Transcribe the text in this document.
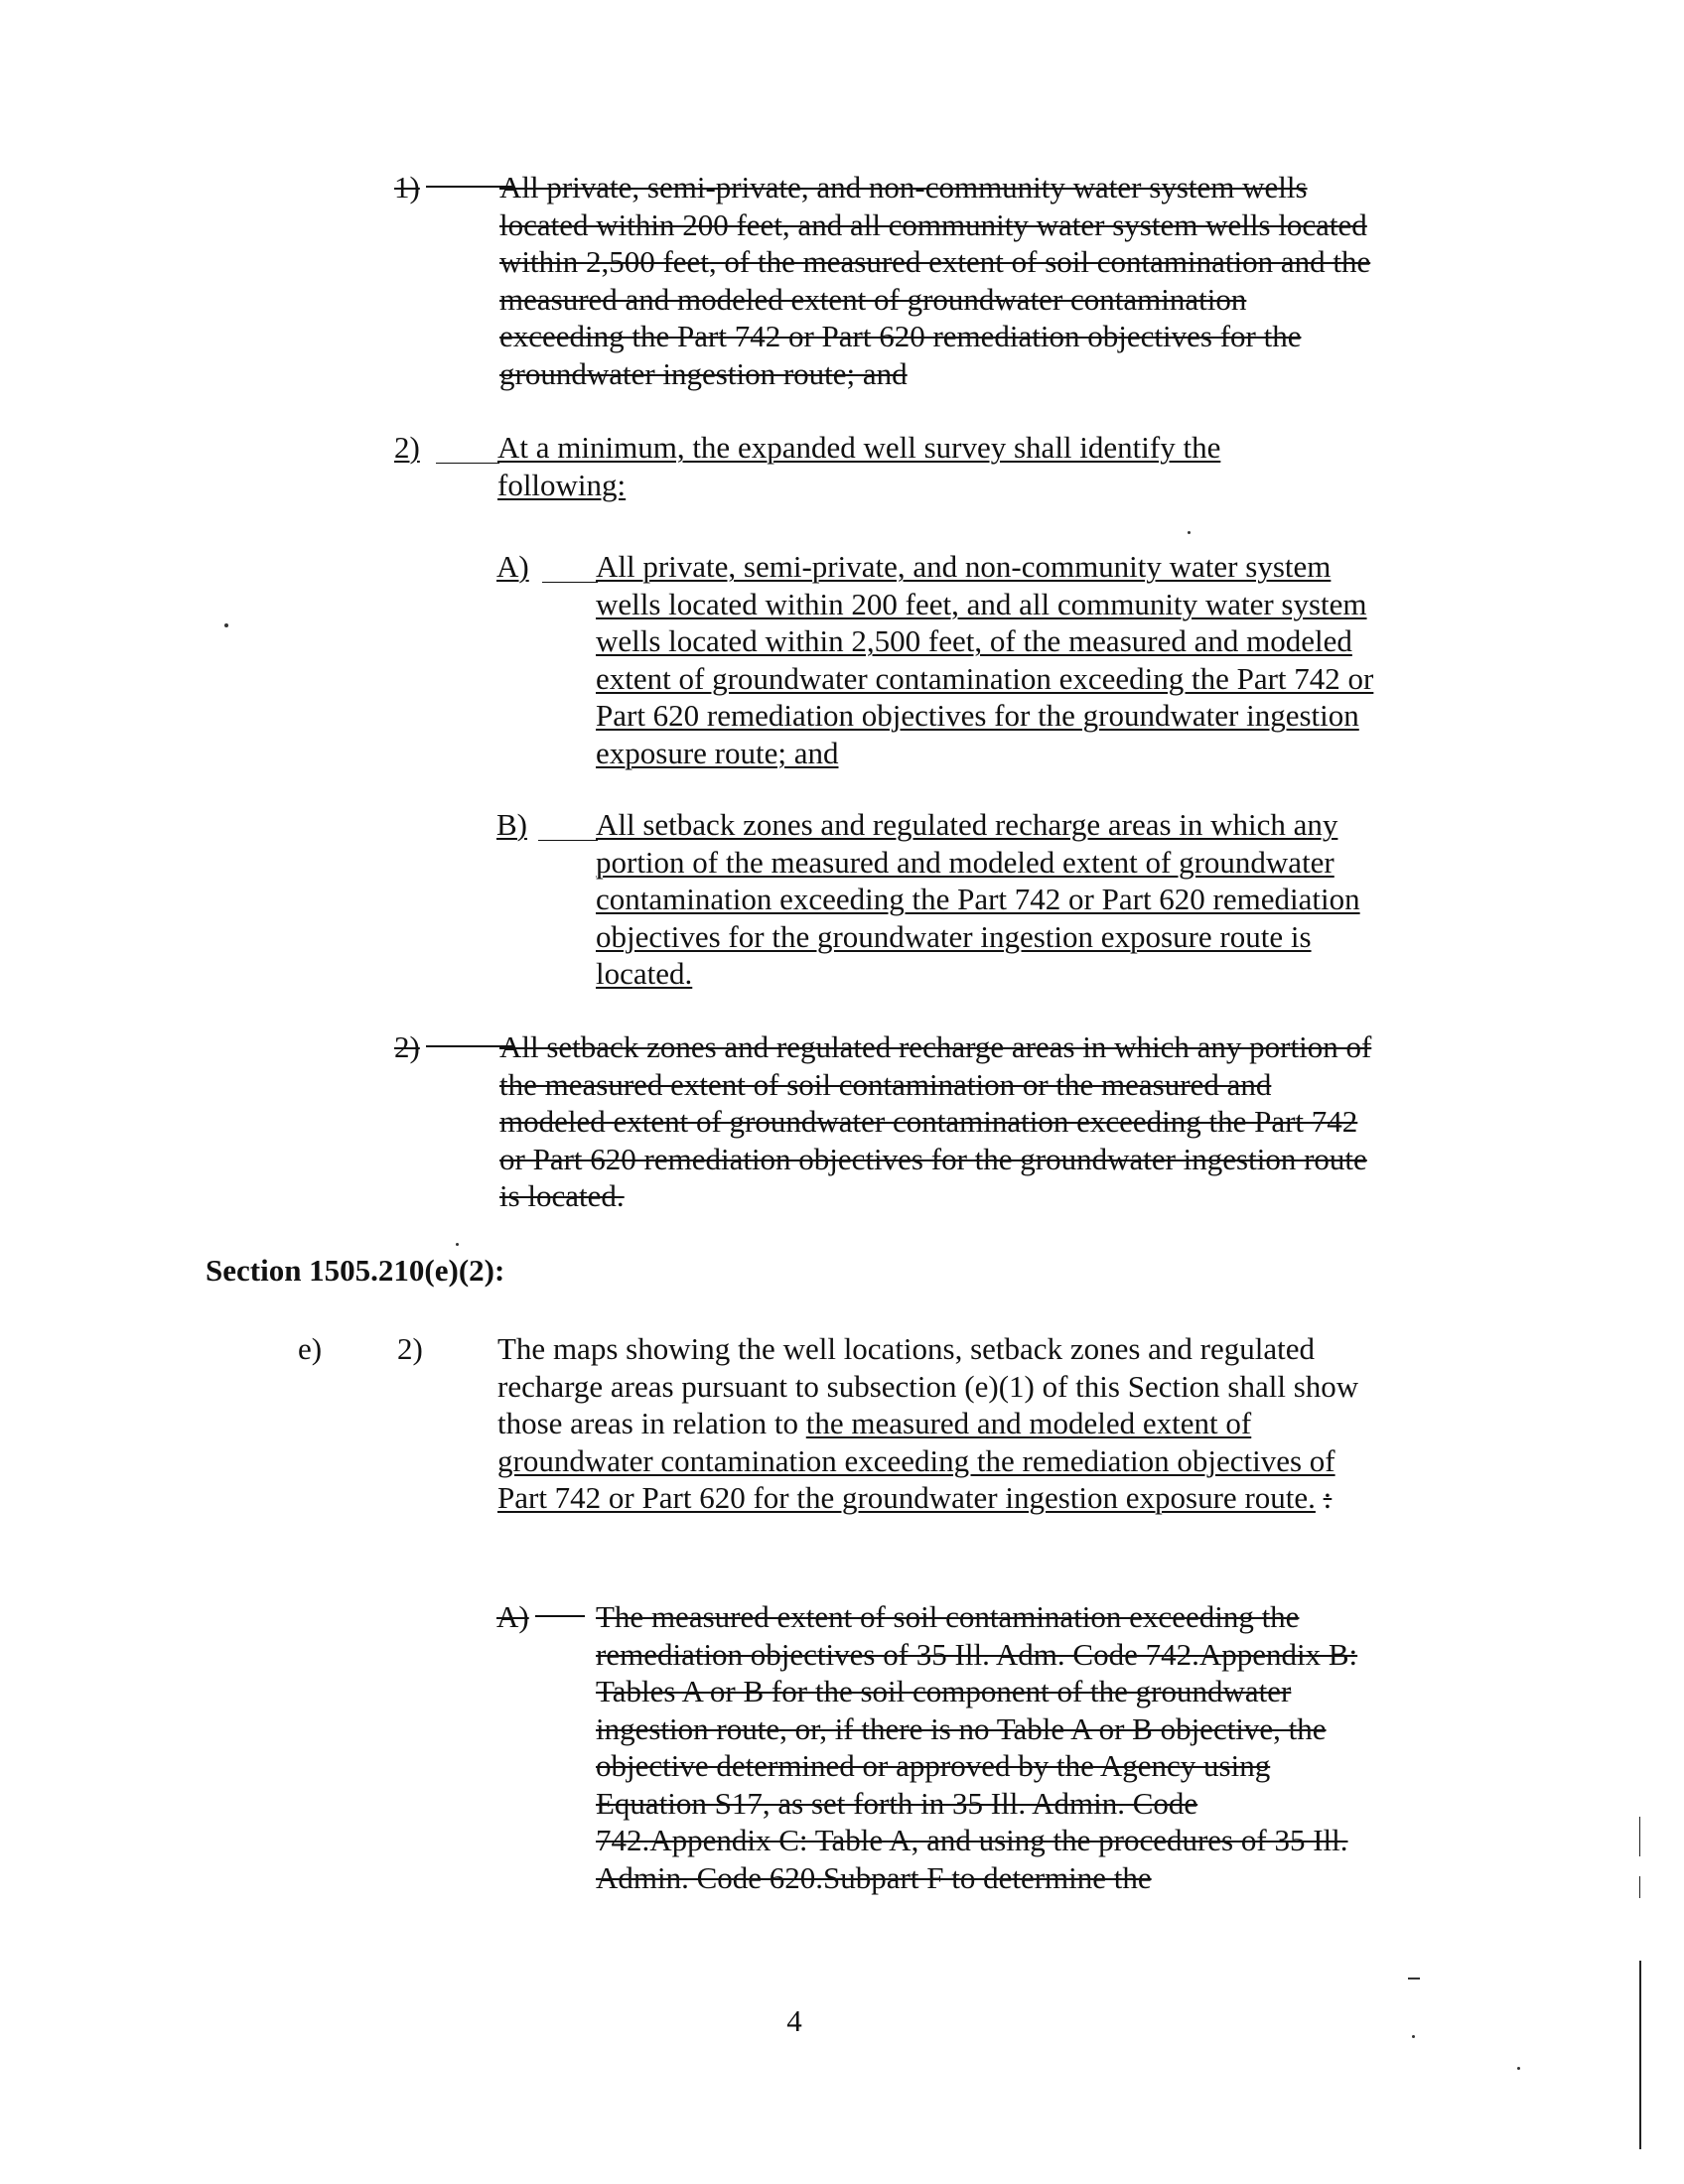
1)	All private, semi-private, and non-community water system wells located within 200 feet, and all community water system wells located within 2,500 feet, of the measured extent of soil contamination and the measured and modeled extent of groundwater contamination exceeding the Part 742 or Part 620 remediation objectives for the groundwater ingestion route; and
2)	At a minimum, the expanded well survey shall identify the following:
A) All private, semi-private, and non-community water system wells located within 200 feet, and all community water system wells located within 2,500 feet, of the measured and modeled extent of groundwater contamination exceeding the Part 742 or Part 620 remediation objectives for the groundwater ingestion exposure route; and
B) All setback zones and regulated recharge areas in which any portion of the measured and modeled extent of groundwater contamination exceeding the Part 742 or Part 620 remediation objectives for the groundwater ingestion exposure route is located.
2)	All setback zones and regulated recharge areas in which any portion of the measured extent of soil contamination or the measured and modeled extent of groundwater contamination exceeding the Part 742 or Part 620 remediation objectives for the groundwater ingestion route is located.
Section 1505.210(e)(2):
e) 2) The maps showing the well locations, setback zones and regulated recharge areas pursuant to subsection (e)(1) of this Section shall show those areas in relation to the measured and modeled extent of groundwater contamination exceeding the remediation objectives of Part 742 or Part 620 for the groundwater ingestion exposure route. :
A)	The measured extent of soil contamination exceeding the remediation objectives of 35 Ill. Adm. Code 742.Appendix B: Tables A or B for the soil component of the groundwater ingestion route, or, if there is no Table A or B objective, the objective determined or approved by the Agency using Equation S17, as set forth in 35 Ill. Admin. Code 742.Appendix C: Table A, and using the procedures of 35 Ill. Admin. Code 620.Subpart F to determine the
4
